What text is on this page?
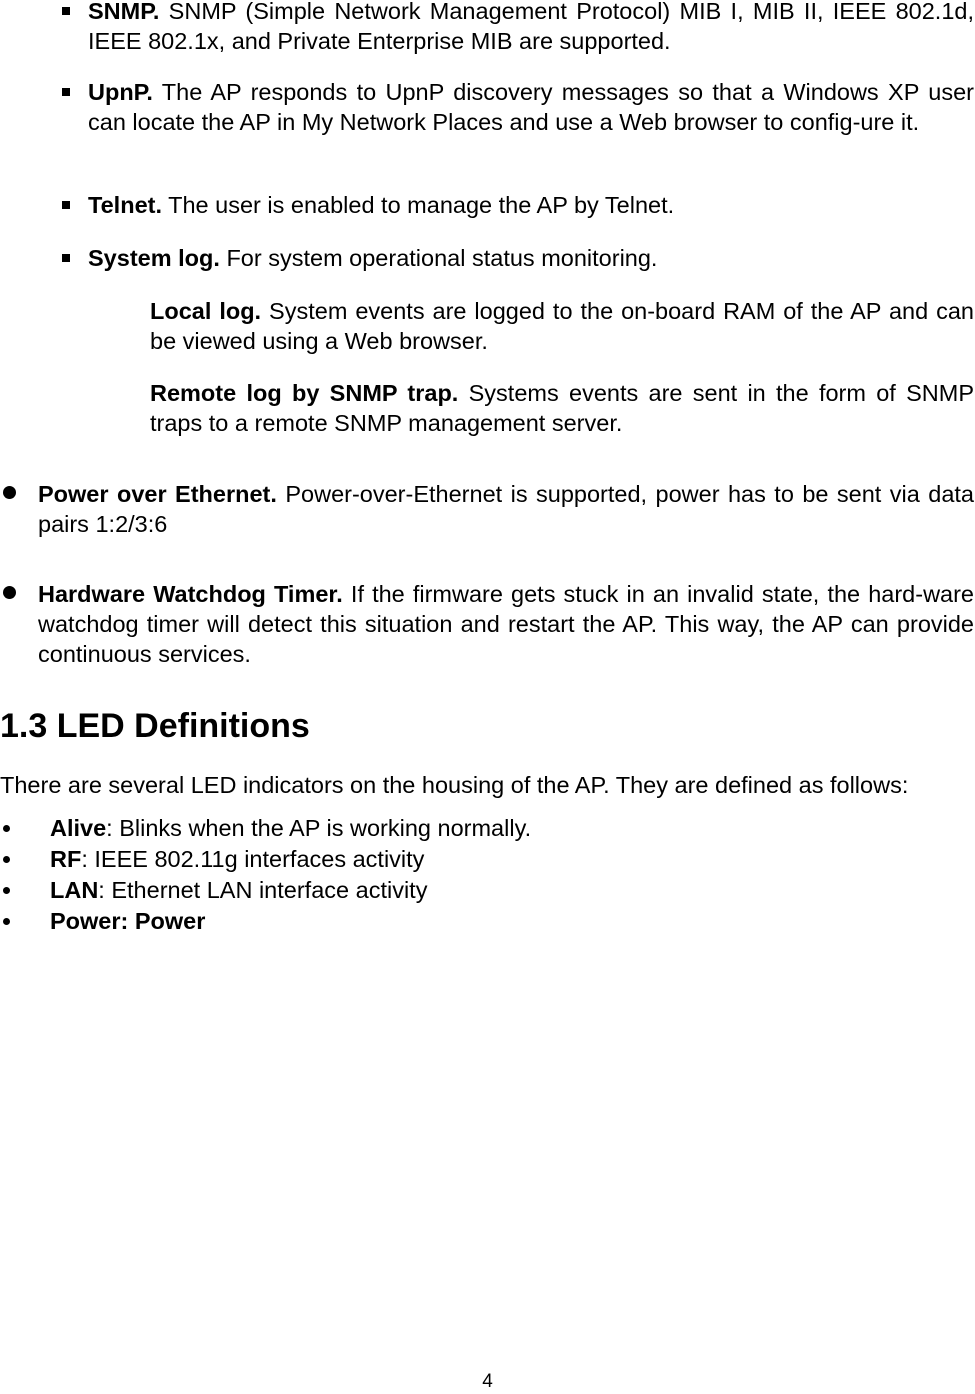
SNMP. SNMP (Simple Network Management Protocol) MIB I, MIB II, IEEE 802.1d, IEEE 802.1x, and Private Enterprise MIB are supported.

UpnP. The AP responds to UpnP discovery messages so that a Windows XP user can locate the AP in My Network Places and use a Web browser to config-ure it.

Telnet. The user is enabled to manage the AP by Telnet.

System log. For system operational status monitoring.

Local log. System events are logged to the on-board RAM of the AP and can be viewed using a Web browser.

Remote log by SNMP trap. Systems events are sent in the form of SNMP traps to a remote SNMP management server.

Power over Ethernet. Power-over-Ethernet is supported, power has to be sent via data pairs 1:2/3:6

Hardware Watchdog Timer. If the firmware gets stuck in an invalid state, the hard-ware watchdog timer will detect this situation and restart the AP. This way, the AP can provide continuous services.

1.3 LED Definitions

There are several LED indicators on the housing of the AP. They are defined as follows:

Alive: Blinks when the AP is working normally.

RF: IEEE 802.11g interfaces activity

LAN: Ethernet LAN interface activity

Power: Power

4
